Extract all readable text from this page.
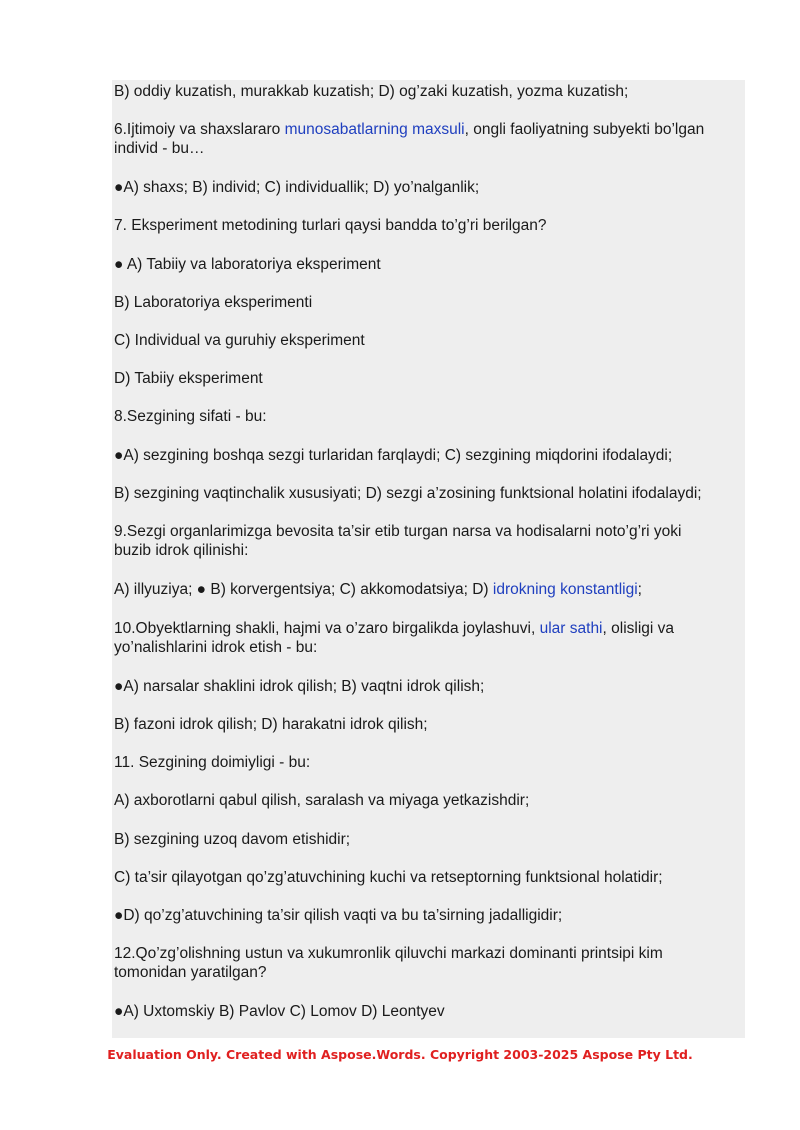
B) oddiy kuzatish, murakkab kuzatish; D) og’zaki kuzatish, yozma kuzatish;
6.Ijtimoiy va shaxslararo munosabatlarning maxsuli, ongli faoliyatning subyekti bo’lgan
individ - bu…
●A) shaxs; B) individ; C) individuallik; D) yo’nalganlik;
7. Eksperiment metodining turlari qaysi bandda to’g’ri berilgan?
● A) Tabiiy va laboratoriya eksperiment
B) Laboratoriya eksperimenti
C) Individual va guruhiy eksperiment
D) Tabiiy eksperiment
8.Sezgining sifati - bu:
●A) sezgining boshqa sezgi turlaridan farqlaydi; C) sezgining miqdorini ifodalaydi;
B) sezgining vaqtinchalik xususiyati; D) sezgi a’zosining funktsional holatini ifodalaydi;
9.Sezgi organlarimizga bevosita ta’sir etib turgan narsa va hodisalarni noto’g’ri yoki
buzib idrok qilinishi:
A) illyuziya; ● B) korvergentsiya; C) akkomodatsiya; D) idrokning konstantligi;
10.Obyektlarning shakli, hajmi va o’zaro birgalikda joylashuvi, ular sathi, olisligi va
yo’nalishlarini idrok etish - bu:
●A) narsalar shaklini idrok qilish; B) vaqtni idrok qilish;
B) fazoni idrok qilish; D) harakatni idrok qilish;
11. Sezgining doimiyligi - bu:
A) axborotlarni qabul qilish, saralash va miyaga yetkazishdir;
B) sezgining uzoq davom etishidir;
C) ta’sir qilayotgan qo’zg’atuvchining kuchi va retseptorning funktsional holatidir;
●D) qo’zg’atuvchining ta’sir qilish vaqti va bu ta’sirning jadalligidir;
12.Qo’zg’olishning ustun va xukumronlik qiluvchi markazi dominanti printsipi kim
tomonidan yaratilgan?
●A) Uxtomskiy B) Pavlov C) Lomov D) Leontyev
Evaluation Only. Created with Aspose.Words. Copyright 2003-2025 Aspose Pty Ltd.
